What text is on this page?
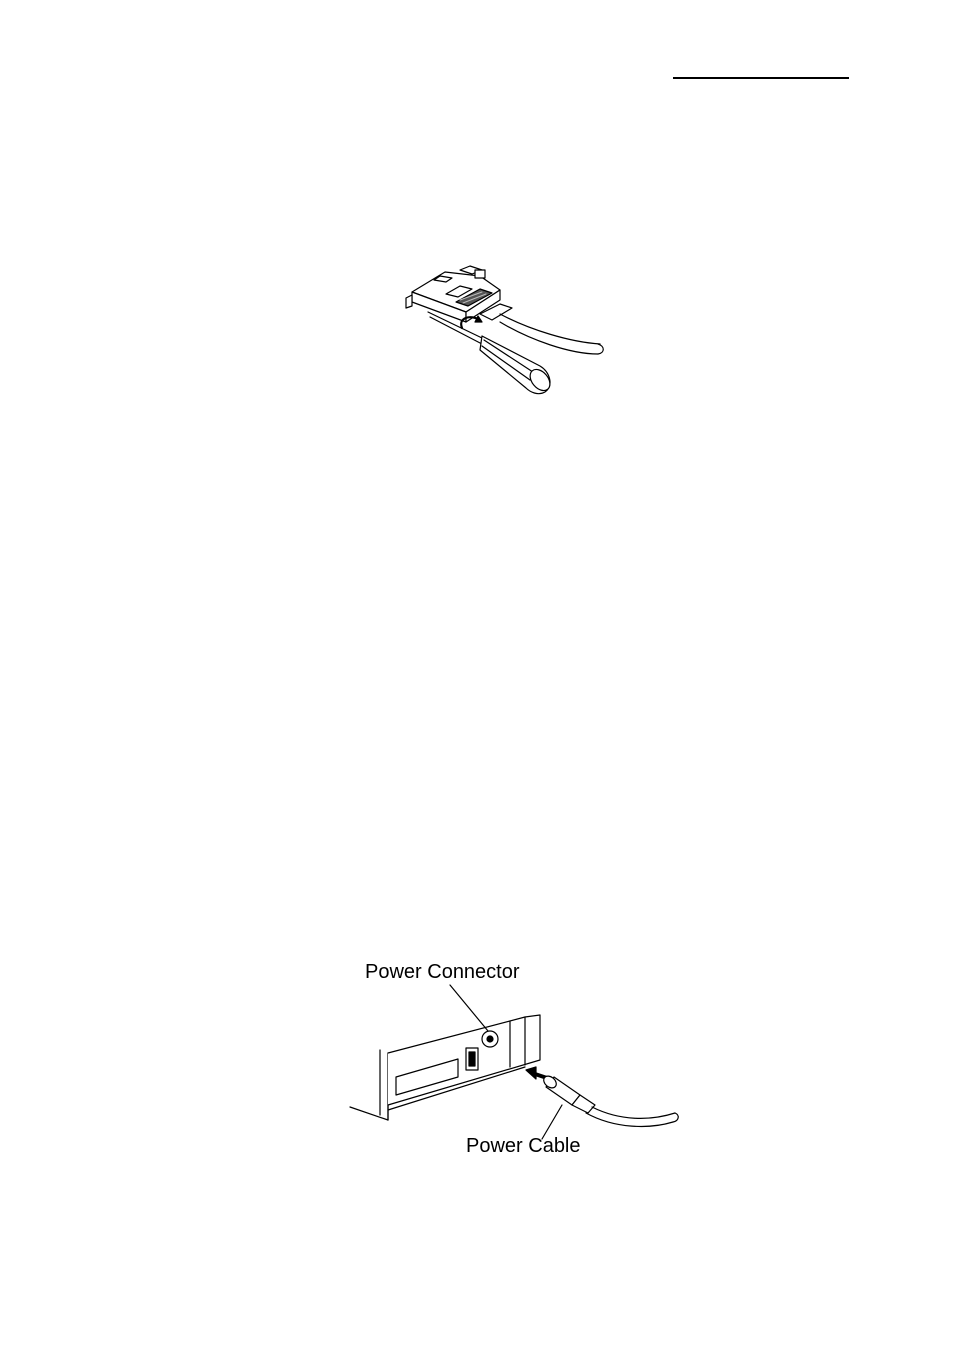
Power Connector
Power Cable
